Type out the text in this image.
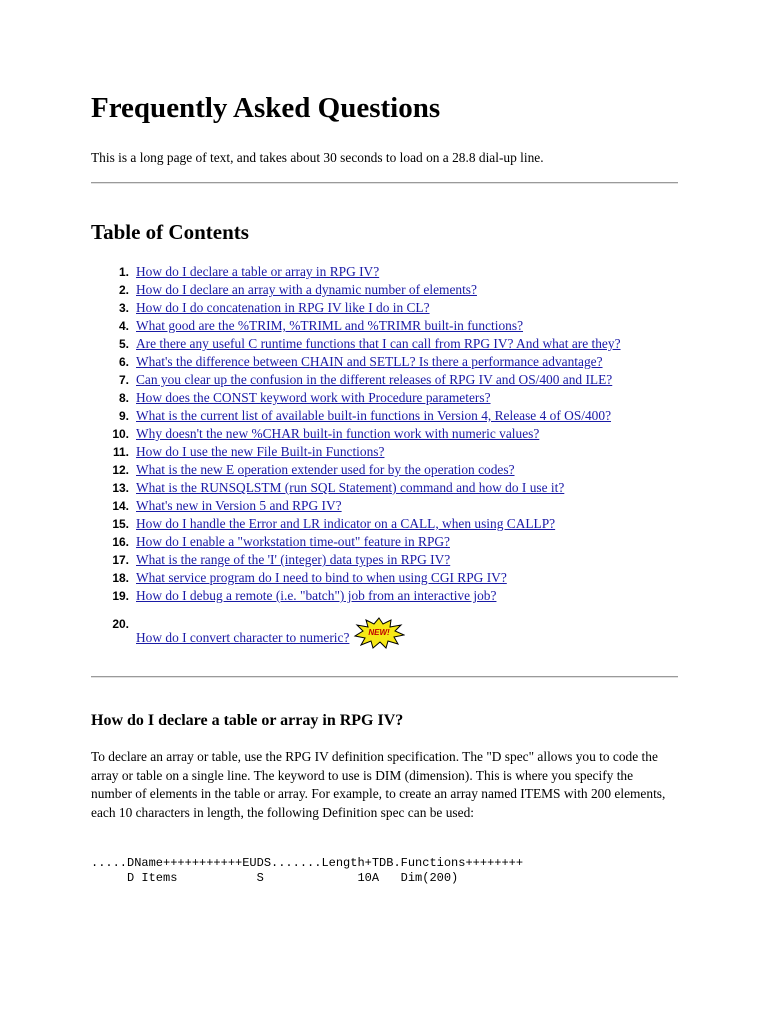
Frequently Asked Questions

This is a long page of text, and takes about 30 seconds to load on a 28.8 dial-up line.

Table of Contents
1. How do I declare a table or array in RPG IV?
2. How do I declare an array with a dynamic number of elements?
3. How do I do concatenation in RPG IV like I do in CL?
4. What good are the %TRIM, %TRIML and %TRIMR built-in functions?
5. Are there any useful C runtime functions that I can call from RPG IV? And what are they?
6. What's the difference between CHAIN and SETLL? Is there a performance advantage?
7. Can you clear up the confusion in the different releases of RPG IV and OS/400 and ILE?
8. How does the CONST keyword work with Procedure parameters?
9. What is the current list of available built-in functions in Version 4, Release 4 of OS/400?
10. Why doesn't the new %CHAR built-in function work with numeric values?
11. How do I use the new File Built-in Functions?
12. What is the new E operation extender used for by the operation codes?
13. What is the RUNSQLSTM (run SQL Statement) command and how do I use it?
14. What's new in Version 5 and RPG IV?
15. How do I handle the Error and LR indicator on a CALL, when using CALLP?
16. How do I enable a "workstation time-out" feature in RPG?
17. What is the range of the 'I' (integer) data types in RPG IV?
18. What service program do I need to bind to when using CGI RPG IV?
19. How do I debug a remote (i.e. "batch") job from an interactive job?
20.
How do I convert character to numeric? NEW!
How do I declare a table or array in RPG IV?

To declare an array or table, use the RPG IV definition specification. The "D spec" allows you to code the array or table on a single line. The keyword to use is DIM (dimension). This is where you specify the number of elements in the table or array. For example, to create an array named ITEMS with 200 elements, each 10 characters in length, the following Definition spec can be used:

.....DName+++++++++++EUDS.......Length+TDB.Functions++++++++
D Items           S             10A   Dim(200)
